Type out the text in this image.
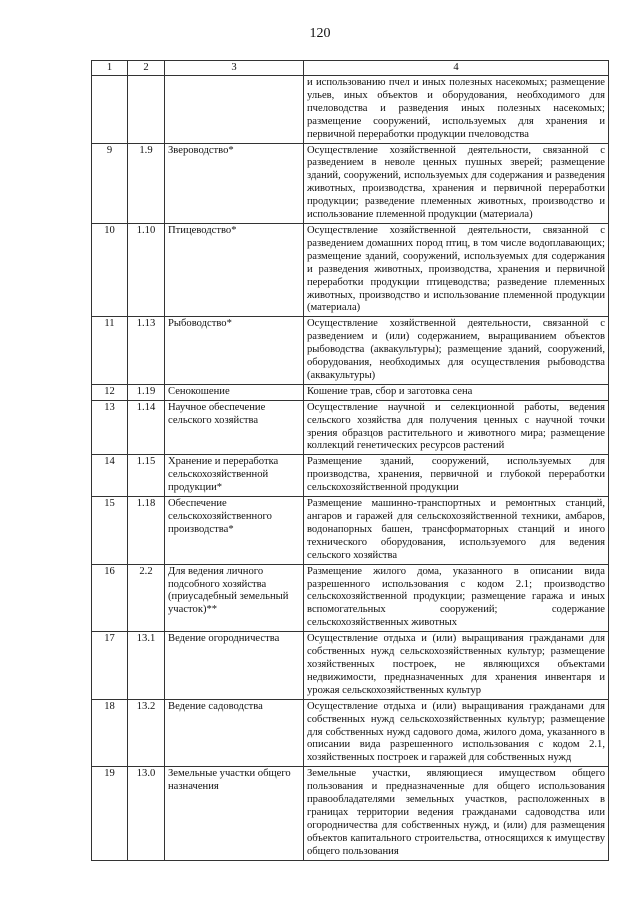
120
1	2	3	4
			и использованию пчел и иных полезных насекомых; размещение ульев, иных объектов и оборудования, необходимого для пчеловодства и разведения иных полезных насекомых; размещение сооружений, используемых для хранения и первичной переработки продукции пчеловодства
9	1.9	Звероводство*	Осуществление хозяйственной деятельности, связанной с разведением в неволе ценных пушных зверей; размещение зданий, сооружений, используемых для содержания и разведения животных, производства, хранения и первичной переработки продукции; разведение племенных животных, производство и использование племенной продукции (материала)
10	1.10	Птицеводство*	Осуществление хозяйственной деятельности, связанной с разведением домашних пород птиц, в том числе водоплавающих; размещение зданий, сооружений, используемых для содержания и разведения животных, производства, хранения и первичной переработки продукции птицеводства; разведение племенных животных, производство и использование племенной продукции (материала)
11	1.13	Рыбоводство*	Осуществление хозяйственной деятельности, связанной с разведением и (или) содержанием, выращиванием объектов рыбоводства (аквакультуры); размещение зданий, сооружений, оборудования, необходимых для осуществления рыбоводства (аквакультуры)
12	1.19	Сенокошение	Кошение трав, сбор и заготовка сена
13	1.14	Научное обеспечение сельского хозяйства	Осуществление научной и селекционной работы, ведения сельского хозяйства для получения ценных с научной точки зрения образцов растительного и животного мира; размещение коллекций генетических ресурсов растений
14	1.15	Хранение и переработка сельскохозяйственной продукции*	Размещение зданий, сооружений, используемых для производства, хранения, первичной и глубокой переработки сельскохозяйственной продукции
15	1.18	Обеспечение сельскохозяйственного производства*	Размещение машинно-транспортных и ремонтных станций, ангаров и гаражей для сельскохозяйственной техники, амбаров, водонапорных башен, трансформаторных станций и иного технического оборудования, используемого для ведения сельского хозяйства
16	2.2	Для ведения личного подсобного хозяйства (приусадебный земельный участок)**	Размещение жилого дома, указанного в описании вида разрешенного использования с кодом 2.1; производство сельскохозяйственной продукции; размещение гаража и иных вспомогательных сооружений; содержание сельскохозяйственных животных
17	13.1	Ведение огородничества	Осуществление отдыха и (или) выращивания гражданами для собственных нужд сельскохозяйственных культур; размещение хозяйственных построек, не являющихся объектами недвижимости, предназначенных для хранения инвентаря и урожая сельскохозяйственных культур
18	13.2	Ведение садоводства	Осуществление отдыха и (или) выращивания гражданами для собственных нужд сельскохозяйственных культур; размещение для собственных нужд садового дома, жилого дома, указанного в описании вида разрешенного использования с кодом 2.1, хозяйственных построек и гаражей для собственных нужд
19	13.0	Земельные участки общего назначения	Земельные участки, являющиеся имуществом общего пользования и предназначенные для общего использования правообладателями земельных участков, расположенных в границах территории ведения гражданами садоводства или огородничества для собственных нужд, и (или) для размещения объектов капитального строительства, относящихся к имуществу общего пользования
